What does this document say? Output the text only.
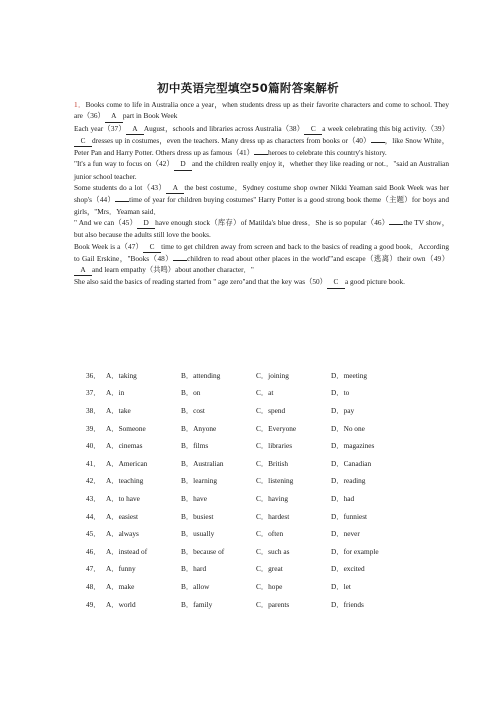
初中英语完型填空50篇附答案解析

1．Books come to life in Australia once a year，when students dress up as their favorite characters and come to school. They are（36） A part in Book Week

Each year（37） A August，schools and libraries across Australia（38） C a week celebrating this big activity.（39）C dresses up in costumes，even the teachers. Many dress up as characters from books or（40） ，like Snow White，Peter Pan and Harry Potter. Others dress up as famous（41） heroes to celebrate this country's history.

"It's a fun way to focus on（42） D and the children really enjoy it，whether they like reading or not.．"said an Australian junior school teacher.

Some students do a lot（43） A the best costume．Sydney costume shop owner Nikki Yeaman said Book Week was her shop's（44） time of year for children buying costumes" Harry Potter is a good strong book theme（主题）for boys and girls，"Mrs．Yeaman said．

" And we can（45） D have enough stock（库存）of Matilda's blue dress．She is so popular（46） the TV show，but also because the adults still love the books.

Book Week is a（47） C time to get children away from screen and back to the basics of reading a good book．According to Gail Erskine，"Books（48） children to read about other places in the world'"and escape（逃离）their own（49）A and learn empathy（共鸣）about another character．"

She also said the basics of reading started from " age zero"and that the key was（50） C a good picture book.

36． A．taking	B．attending	C．joining	D．meeting
37． A．in	B．on	C．at	D．to
38． A．take	B．cost	C．spend	D．pay
39． A．Someone	B．Anyone	C．Everyone	D．No one
40． A．cinemas	B．films	C．libraries	D．magazines
41． A．American	B．Australian	C．British	D．Canadian
42． A．teaching	B．learning	C．listening	D．reading
43． A．to have	B．have	C．having	D．had
44． A．easiest	B．busiest	C．hardest	D．funniest
45． A．always	B．usually	C．often	D．never
46． A．instead of	B．because of	C．such as	D．for example
47． A．funny	B．hard	C．great	D．excited
48． A．make	B．allow	C．hope	D．let
49． A．world	B．family	C．parents	D．friends
